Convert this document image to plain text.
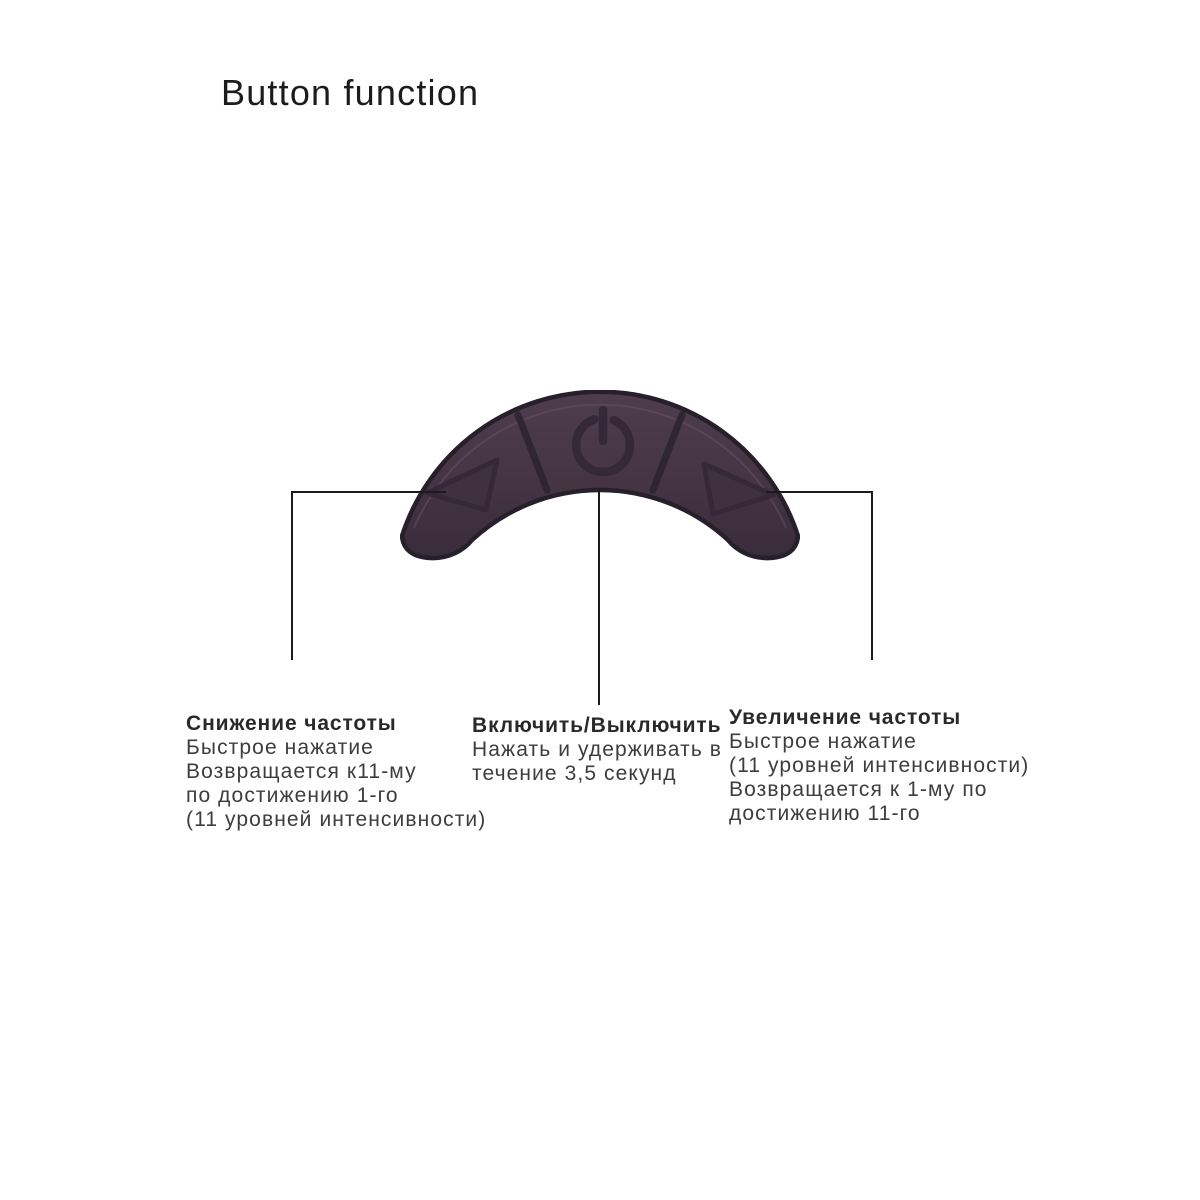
Button function
Снижение частоты
Быстрое нажатие
Возвращается к11-му
по достижению 1-го
(11 уровней интенсивности)
Включить/Выключить
Нажать и удерживать в
течение 3,5 секунд
Увеличение частоты
Быстрое нажатие
(11 уровней интенсивности)
Возвращается к 1-му по
достижению 11-го
